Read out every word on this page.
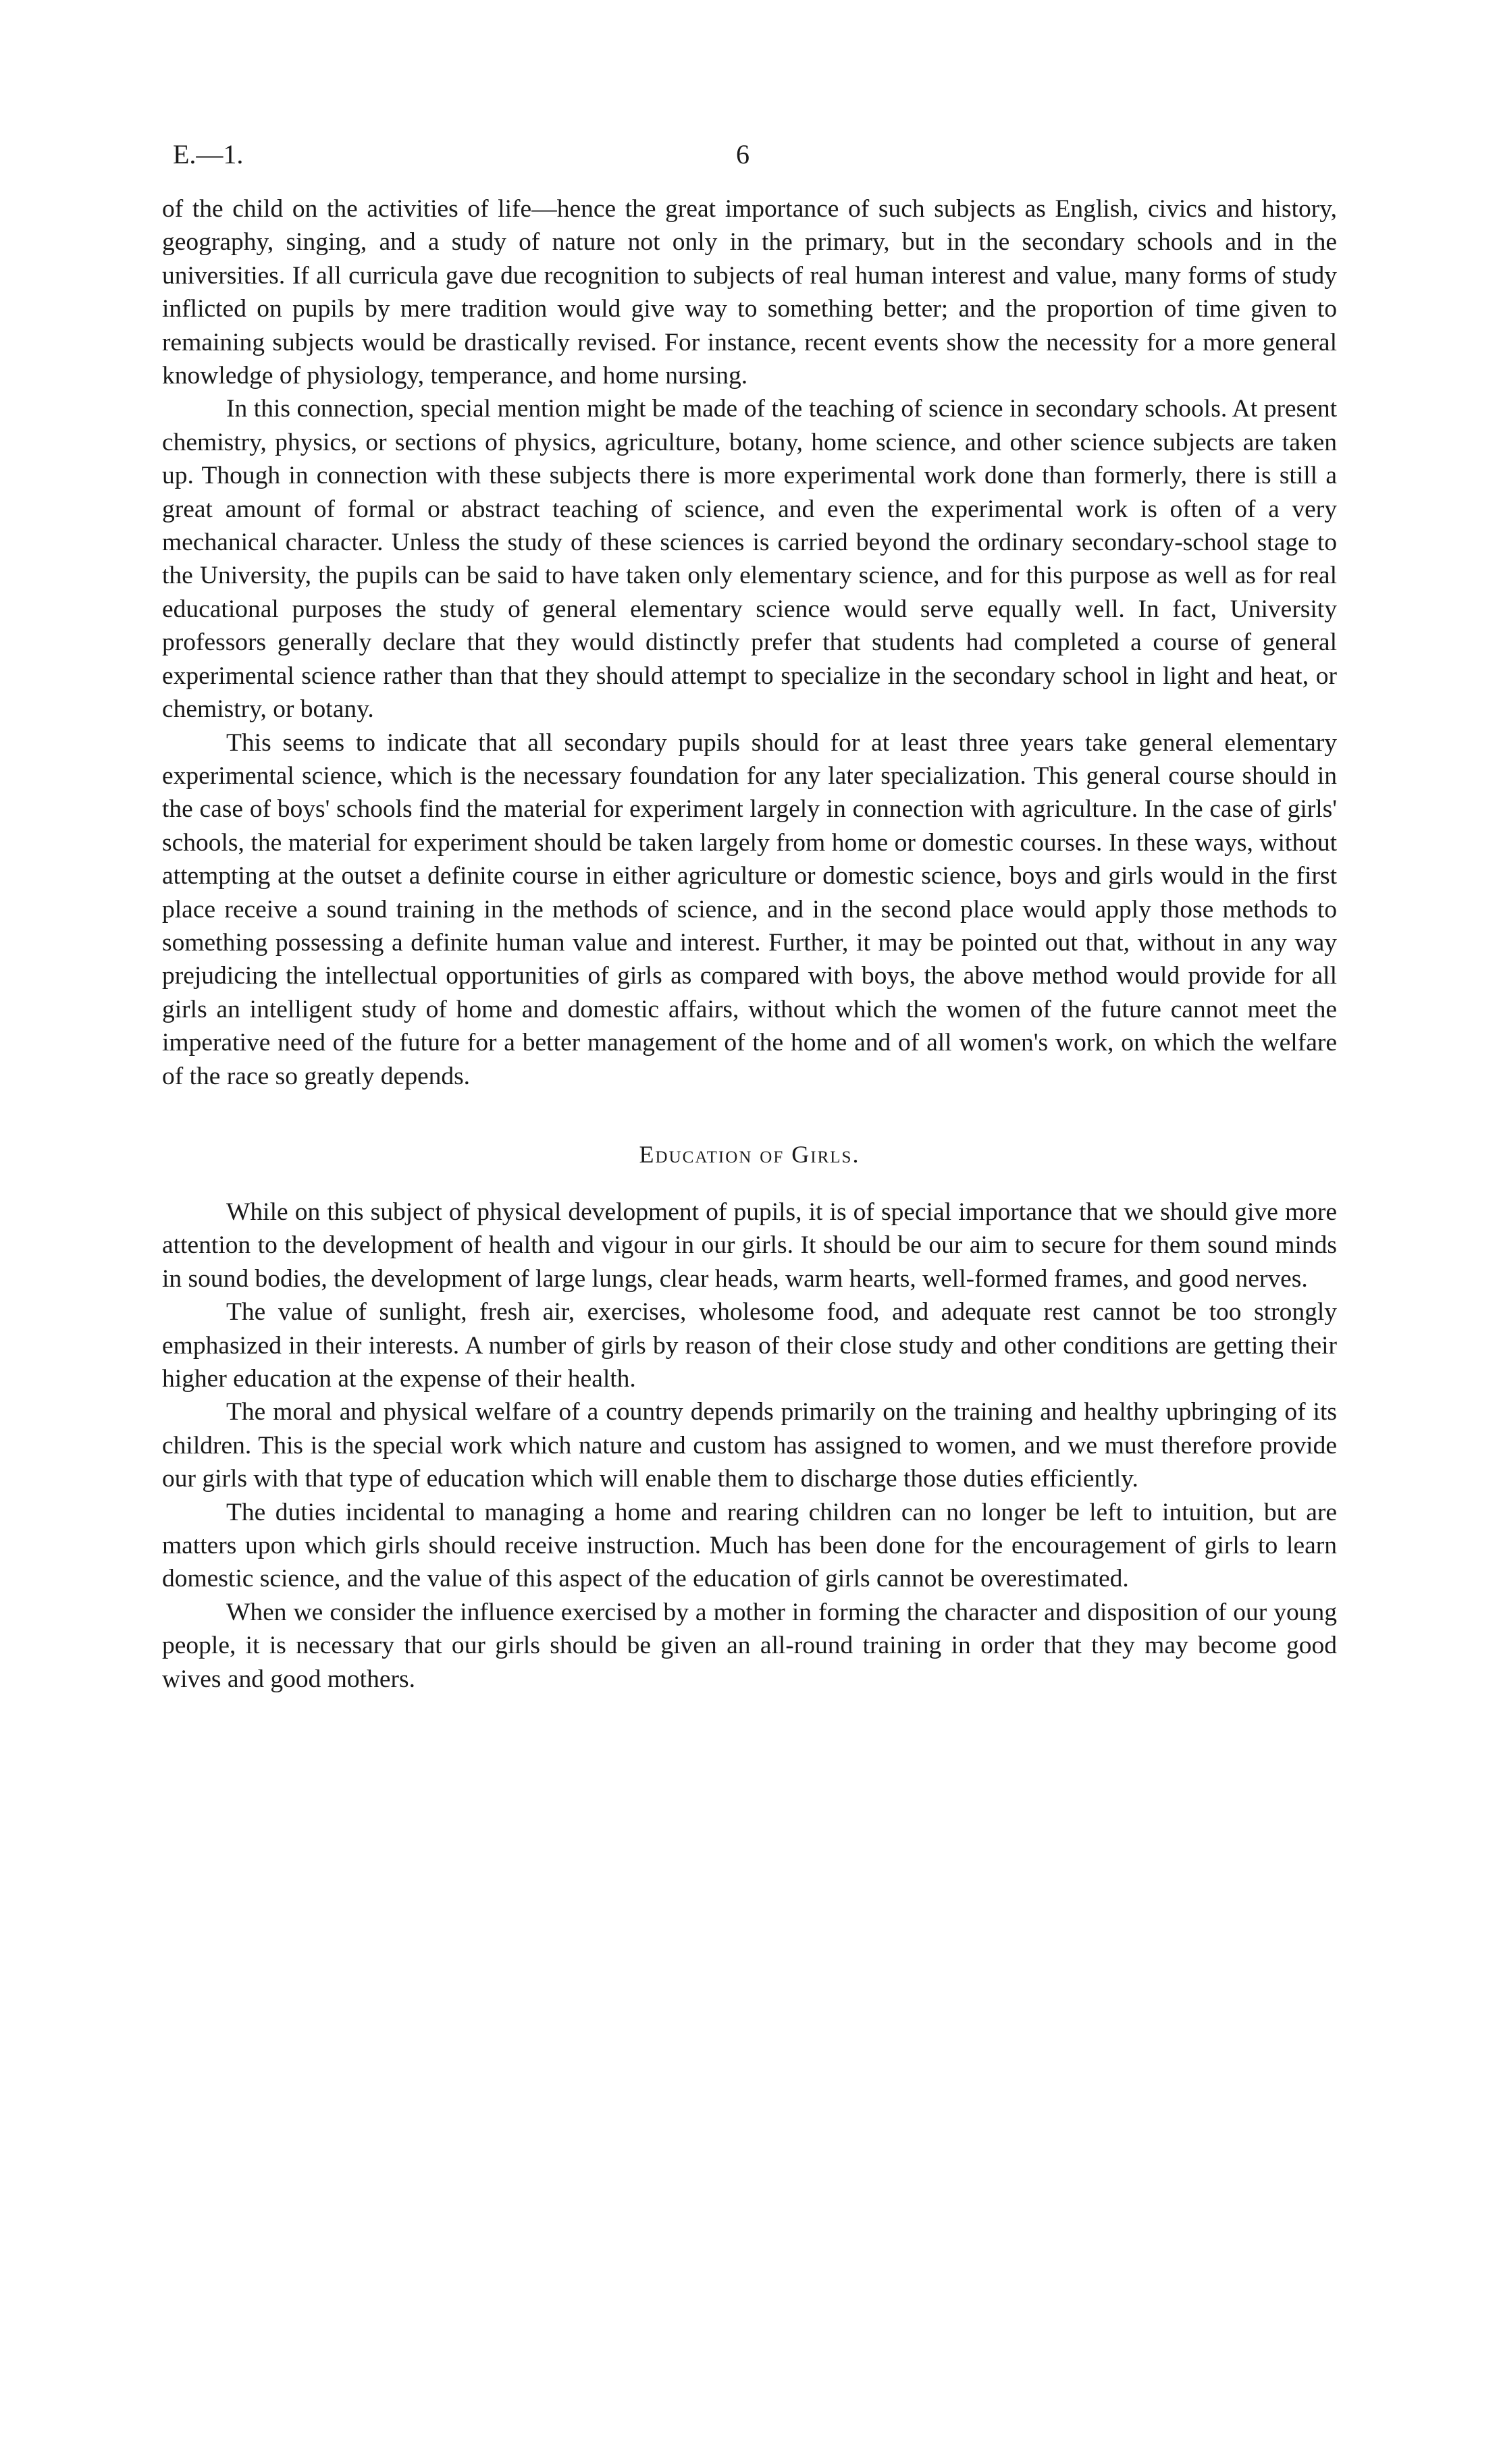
E.—1.	6

of the child on the activities of life—hence the great importance of such subjects as English, civics and history, geography, singing, and a study of nature not only in the primary, but in the secondary schools and in the universities. If all curricula gave due recognition to subjects of real human interest and value, many forms of study inflicted on pupils by mere tradition would give way to something better; and the proportion of time given to remaining subjects would be drastically revised. For instance, recent events show the necessity for a more general knowledge of physiology, temperance, and home nursing.

In this connection, special mention might be made of the teaching of science in secondary schools. At present chemistry, physics, or sections of physics, agriculture, botany, home science, and other science subjects are taken up. Though in connection with these subjects there is more experimental work done than formerly, there is still a great amount of formal or abstract teaching of science, and even the experimental work is often of a very mechanical character. Unless the study of these sciences is carried beyond the ordinary secondary-school stage to the University, the pupils can be said to have taken only elementary science, and for this purpose as well as for real educational purposes the study of general elementary science would serve equally well. In fact, University professors generally declare that they would distinctly prefer that students had completed a course of general experimental science rather than that they should attempt to specialize in the secondary school in light and heat, or chemistry, or botany.

This seems to indicate that all secondary pupils should for at least three years take general elementary experimental science, which is the necessary foundation for any later specialization. This general course should in the case of boys' schools find the material for experiment largely in connection with agriculture. In the case of girls' schools, the material for experiment should be taken largely from home or domestic courses. In these ways, without attempting at the outset a definite course in either agriculture or domestic science, boys and girls would in the first place receive a sound training in the methods of science, and in the second place would apply those methods to something possessing a definite human value and interest. Further, it may be pointed out that, without in any way prejudicing the intellectual opportunities of girls as compared with boys, the above method would provide for all girls an intelligent study of home and domestic affairs, without which the women of the future cannot meet the imperative need of the future for a better management of the home and of all women's work, on which the welfare of the race so greatly depends.

Education of Girls.

While on this subject of physical development of pupils, it is of special importance that we should give more attention to the development of health and vigour in our girls. It should be our aim to secure for them sound minds in sound bodies, the development of large lungs, clear heads, warm hearts, well-formed frames, and good nerves.

The value of sunlight, fresh air, exercises, wholesome food, and adequate rest cannot be too strongly emphasized in their interests. A number of girls by reason of their close study and other conditions are getting their higher education at the expense of their health.

The moral and physical welfare of a country depends primarily on the training and healthy upbringing of its children. This is the special work which nature and custom has assigned to women, and we must therefore provide our girls with that type of education which will enable them to discharge those duties efficiently.

The duties incidental to managing a home and rearing children can no longer be left to intuition, but are matters upon which girls should receive instruction. Much has been done for the encouragement of girls to learn domestic science, and the value of this aspect of the education of girls cannot be overestimated.

When we consider the influence exercised by a mother in forming the character and disposition of our young people, it is necessary that our girls should be given an all-round training in order that they may become good wives and good mothers.
